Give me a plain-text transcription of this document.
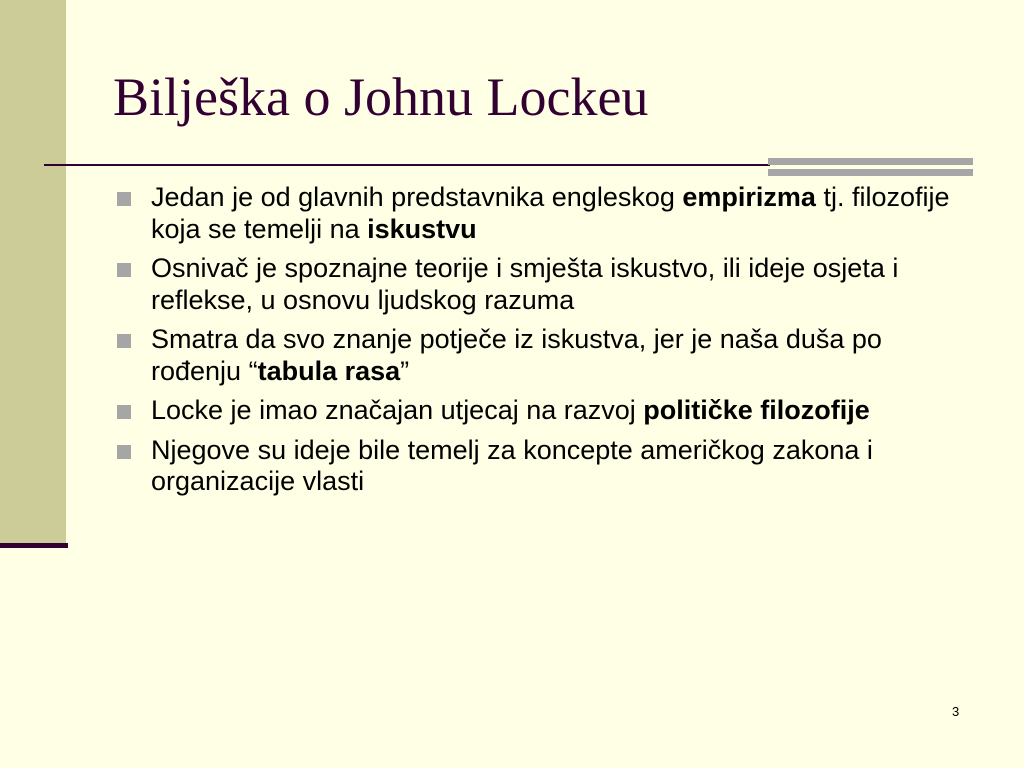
Bilješka o Johnu Lockeu
Jedan je od glavnih predstavnika engleskog empirizma tj. filozofije koja se temelji na iskustvu
Osnivač je spoznajne teorije i smješta iskustvo, ili ideje osjeta i reflekse, u osnovu ljudskog razuma
Smatra da svo znanje potječe iz iskustva, jer je naša duša po rođenju “tabula rasa”
Locke je imao značajan utjecaj na razvoj političke filozofije
Njegove su ideje bile temelj za koncepte američkog zakona i organizacije vlasti
3
